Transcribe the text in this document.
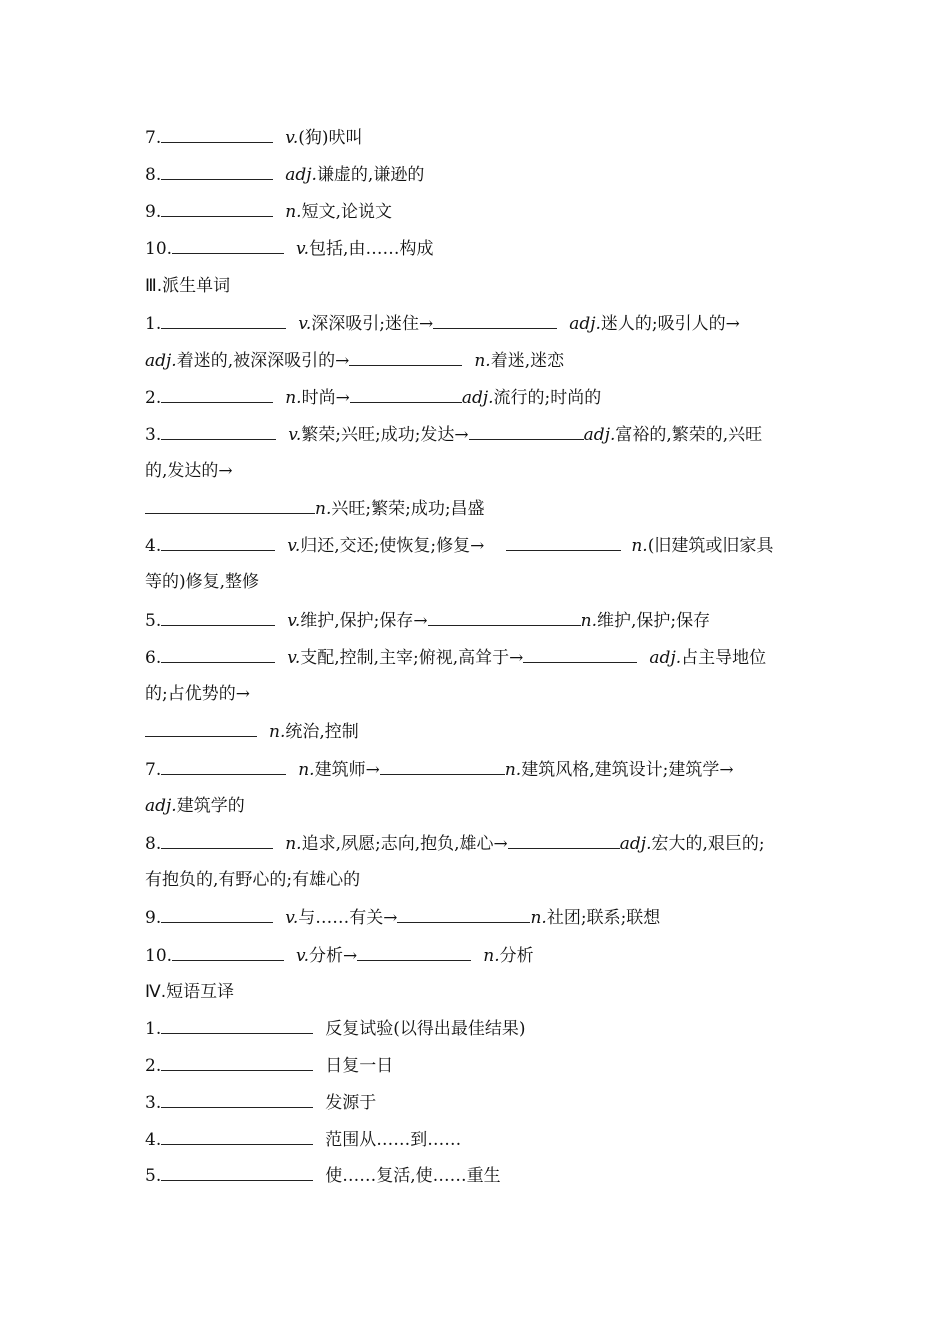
7.	v.(狗)吠叫
8.	adj.谦虚的,谦逊的
9.	n.短文,论说文
10.	v.包括,由……构成
Ⅲ.派生单词
1.	v.深深吸引;迷住→	adj.迷人的;吸引人的→
adj.着迷的,被深深吸引的→	n.着迷,迷恋
2.	n.时尚→	adj.流行的;时尚的
3.	v.繁荣;兴旺;成功;发达→	adj.富裕的,繁荣的,兴旺
的,发达的→
n.兴旺;繁荣;成功;昌盛
4.	v.归还,交还;使恢复;修复→	n.(旧建筑或旧家具
等的)修复,整修
5.	v.维护,保护;保存→	n.维护,保护;保存
6.	v.支配,控制,主宰;俯视,高耸于→	adj.占主导地位
的;占优势的→
n.统治,控制
7.	n.建筑师→	n.建筑风格,建筑设计;建筑学→
adj.建筑学的
8.	n.追求,夙愿;志向,抱负,雄心→	adj.宏大的,艰巨的;
有抱负的,有野心的;有雄心的
9.	v.与……有关→	n.社团;联系;联想
10.	v.分析→	n.分析
Ⅳ.短语互译
1.	反复试验(以得出最佳结果)
2.	日复一日
3.	发源于
4.	范围从……到……
5.	使……复活,使……重生
